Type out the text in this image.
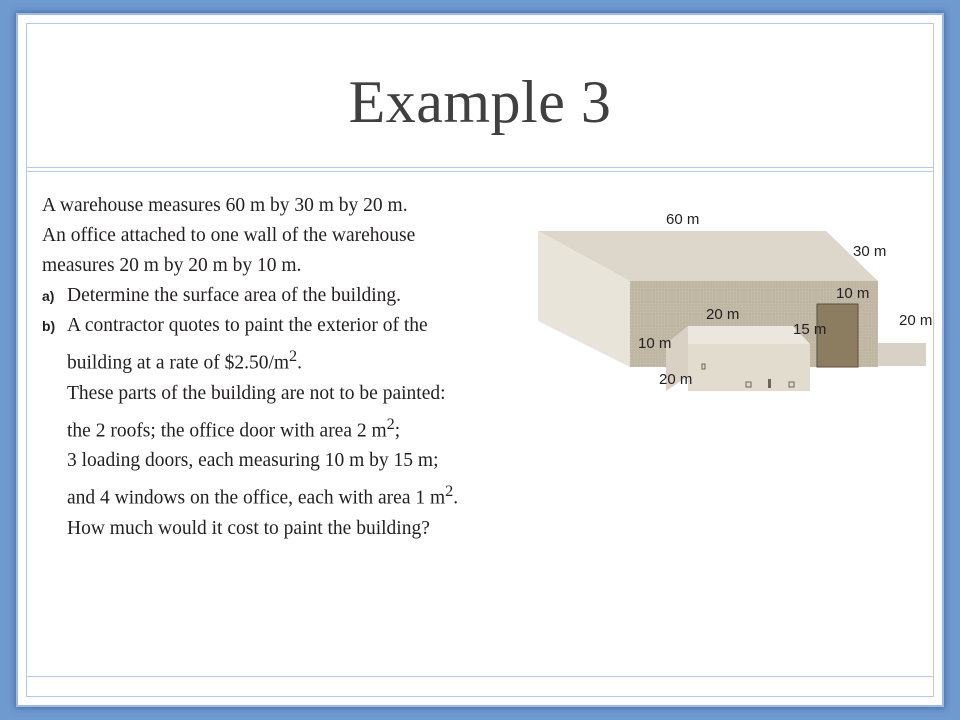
Example 3
A warehouse measures 60 m by 30 m by 20 m.
An office attached to one wall of the warehouse
measures 20 m by 20 m by 10 m.
a) Determine the surface area of the building.
b) A contractor quotes to paint the exterior of the
building at a rate of $\$2.50/m^2$.
These parts of the building are not to be painted:
the 2 roofs; the office door with area 2 $m^2$;
3 loading doors, each measuring 10 m by 15 m;
and 4 windows on the office, each with area 1 $m^2$.
How much would it cost to paint the building?
60 m
30 m
20 m
10 m
15 m
20 m
20 m
10 m
